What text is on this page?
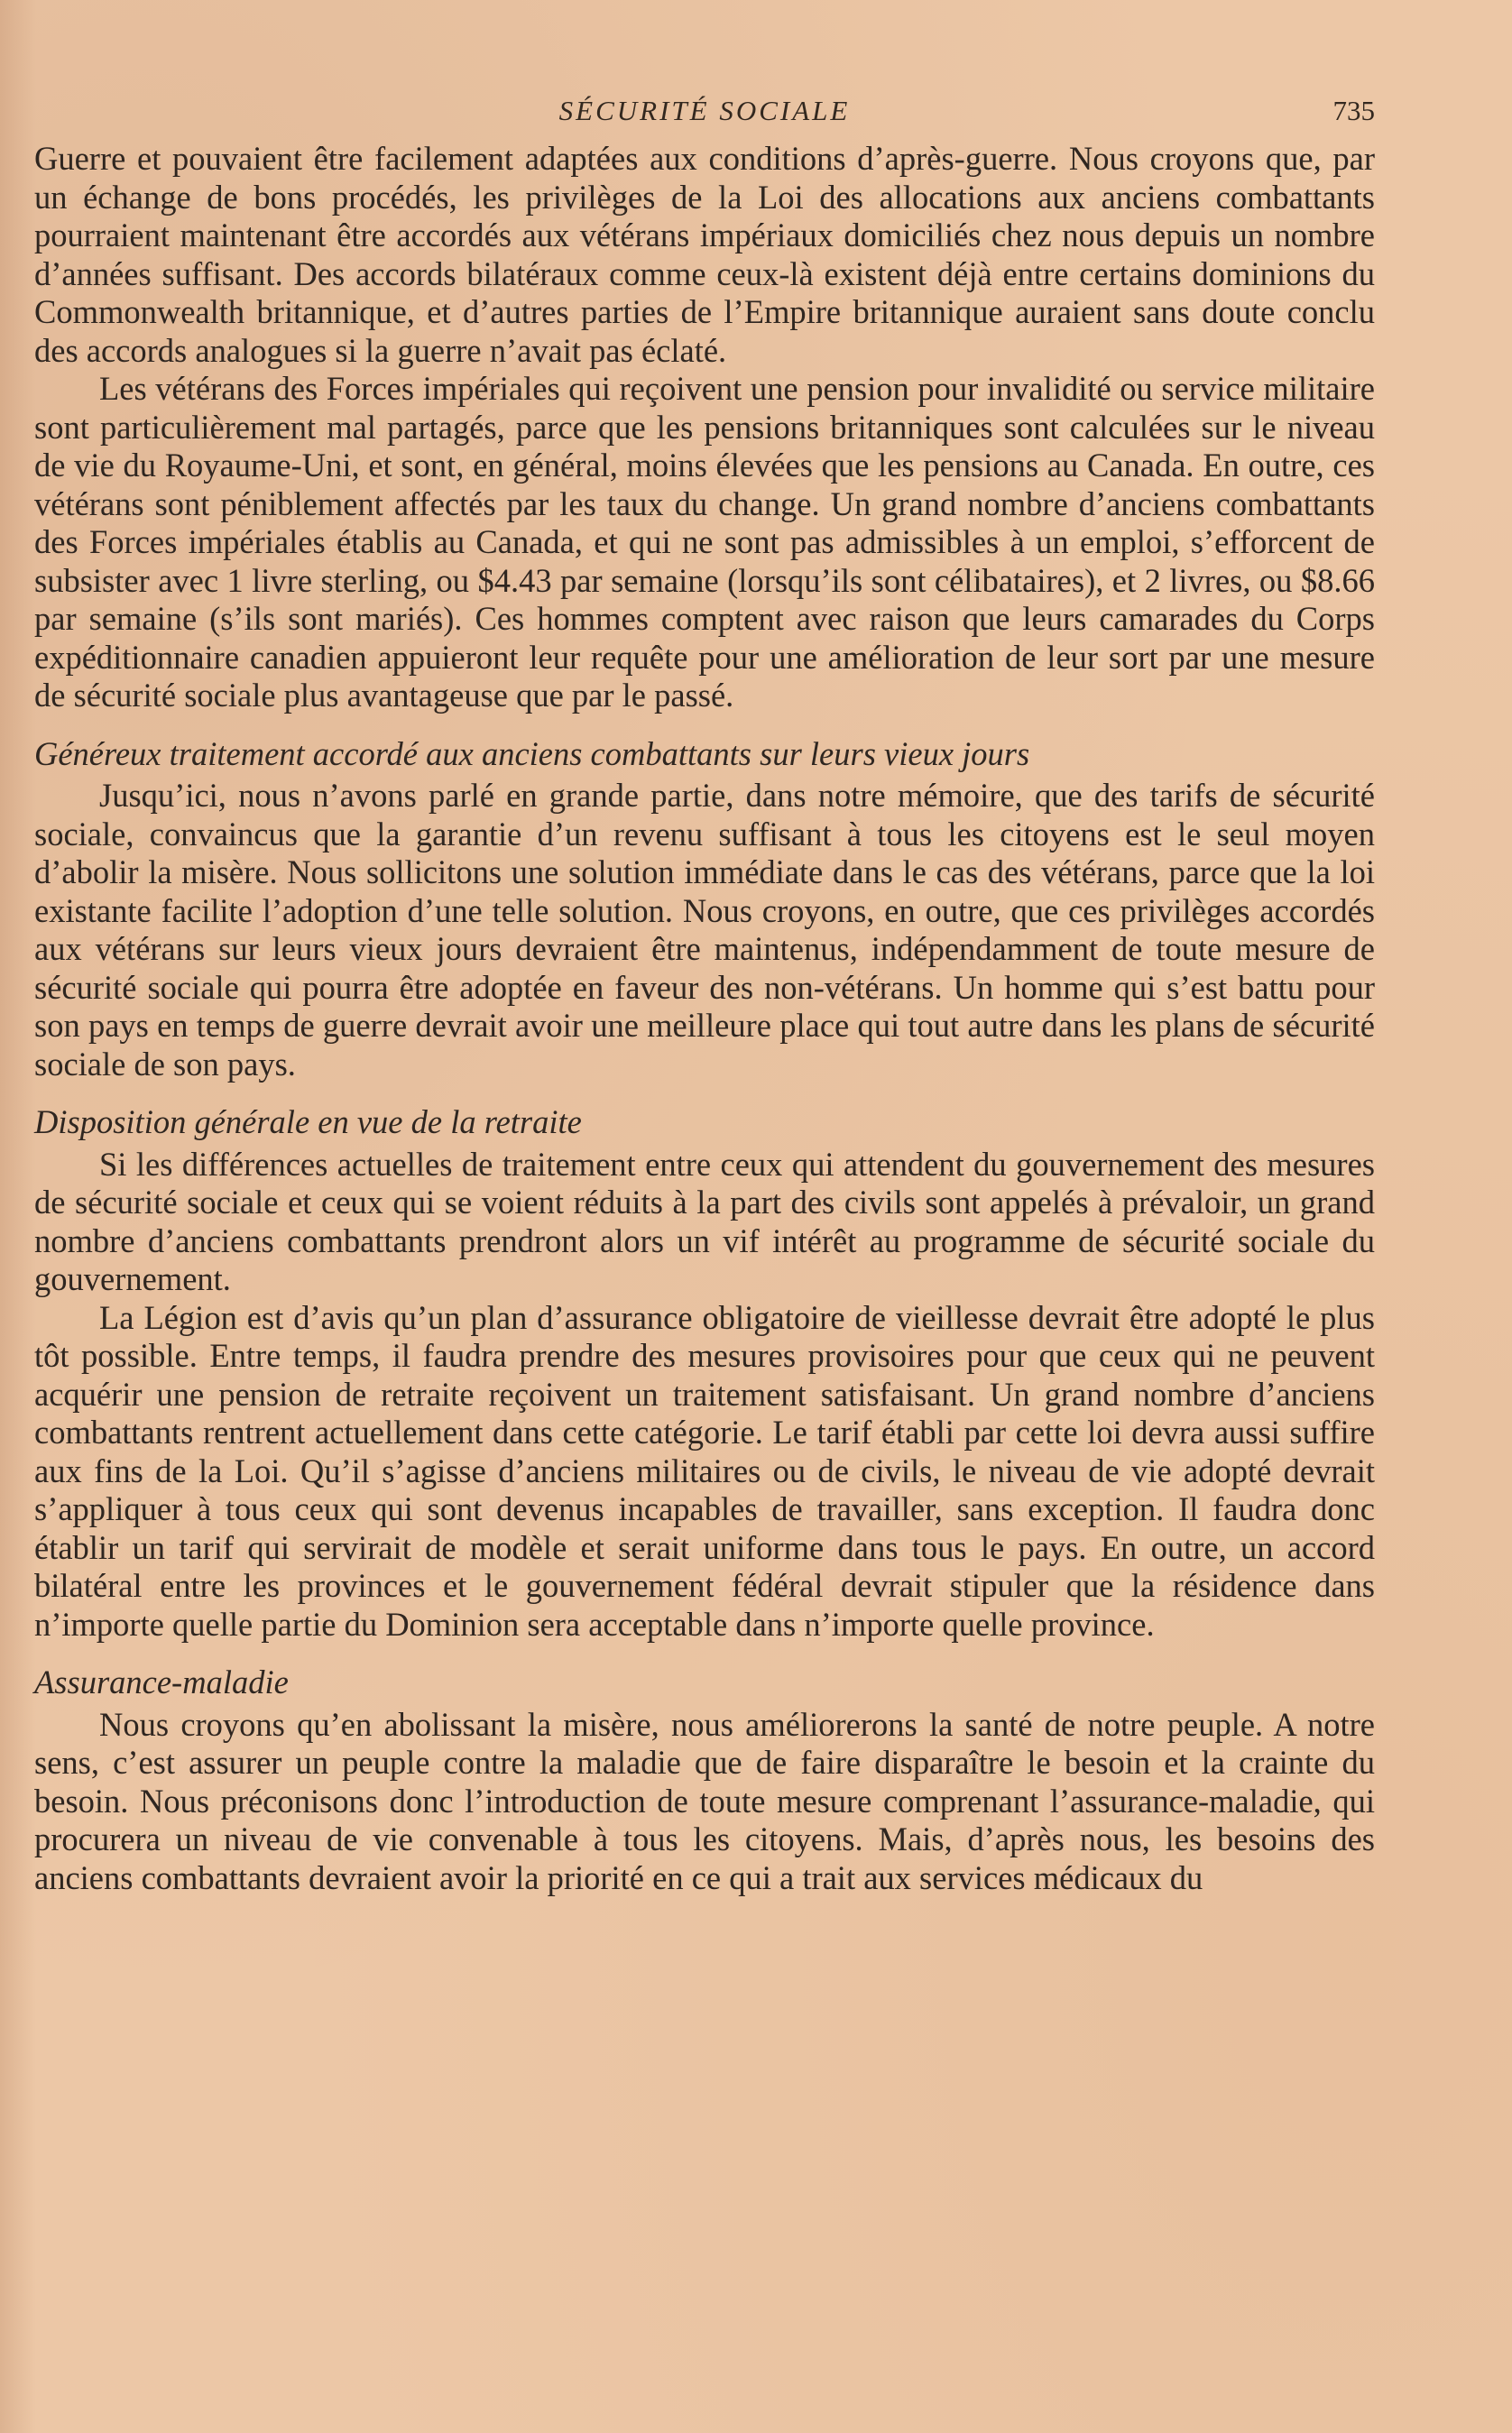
SÉCURITÉ SOCIALE	735

Guerre et pouvaient être facilement adaptées aux conditions d’après-guerre. Nous croyons que, par un échange de bons procédés, les privilèges de la Loi des allocations aux anciens combattants pourraient maintenant être accordés aux vétérans impériaux domiciliés chez nous depuis un nombre d’années suffisant. Des accords bilatéraux comme ceux-là existent déjà entre certains dominions du Commonwealth britannique, et d’autres parties de l’Empire britannique auraient sans doute conclu des accords analogues si la guerre n’avait pas éclaté.

Les vétérans des Forces impériales qui reçoivent une pension pour invalidité ou service militaire sont particulièrement mal partagés, parce que les pensions britanniques sont calculées sur le niveau de vie du Royaume-Uni, et sont, en général, moins élevées que les pensions au Canada. En outre, ces vétérans sont péniblement affectés par les taux du change. Un grand nombre d’anciens combattants des Forces impériales établis au Canada, et qui ne sont pas admissibles à un emploi, s’efforcent de subsister avec 1 livre sterling, ou $4.43 par semaine (lorsqu’ils sont célibataires), et 2 livres, ou $8.66 par semaine (s’ils sont mariés). Ces hommes comptent avec raison que leurs camarades du Corps expéditionnaire canadien appuieront leur requête pour une amélioration de leur sort par une mesure de sécurité sociale plus avantageuse que par le passé.

Généreux traitement accordé aux anciens combattants sur leurs vieux jours

Jusqu’ici, nous n’avons parlé en grande partie, dans notre mémoire, que des tarifs de sécurité sociale, convaincus que la garantie d’un revenu suffisant à tous les citoyens est le seul moyen d’abolir la misère. Nous sollicitons une solution immédiate dans le cas des vétérans, parce que la loi existante facilite l’adoption d’une telle solution. Nous croyons, en outre, que ces privilèges accordés aux vétérans sur leurs vieux jours devraient être maintenus, indépendamment de toute mesure de sécurité sociale qui pourra être adoptée en faveur des non-vétérans. Un homme qui s’est battu pour son pays en temps de guerre devrait avoir une meilleure place qui tout autre dans les plans de sécurité sociale de son pays.

Disposition générale en vue de la retraite

Si les différences actuelles de traitement entre ceux qui attendent du gouvernement des mesures de sécurité sociale et ceux qui se voient réduits à la part des civils sont appelés à prévaloir, un grand nombre d’anciens combattants prendront alors un vif intérêt au programme de sécurité sociale du gouvernement.

La Légion est d’avis qu’un plan d’assurance obligatoire de vieillesse devrait être adopté le plus tôt possible. Entre temps, il faudra prendre des mesures provisoires pour que ceux qui ne peuvent acquérir une pension de retraite reçoivent un traitement satisfaisant. Un grand nombre d’anciens combattants rentrent actuellement dans cette catégorie. Le tarif établi par cette loi devra aussi suffire aux fins de la Loi. Qu’il s’agisse d’anciens militaires ou de civils, le niveau de vie adopté devrait s’appliquer à tous ceux qui sont devenus incapables de travailler, sans exception. Il faudra donc établir un tarif qui servirait de modèle et serait uniforme dans tous le pays. En outre, un accord bilatéral entre les provinces et le gouvernement fédéral devrait stipuler que la résidence dans n’importe quelle partie du Dominion sera acceptable dans n’importe quelle province.

Assurance-maladie

Nous croyons qu’en abolissant la misère, nous améliorerons la santé de notre peuple. A notre sens, c’est assurer un peuple contre la maladie que de faire disparaître le besoin et la crainte du besoin. Nous préconisons donc l’introduction de toute mesure comprenant l’assurance-maladie, qui procurera un niveau de vie convenable à tous les citoyens. Mais, d’après nous, les besoins des anciens combattants devraient avoir la priorité en ce qui a trait aux services médicaux du
